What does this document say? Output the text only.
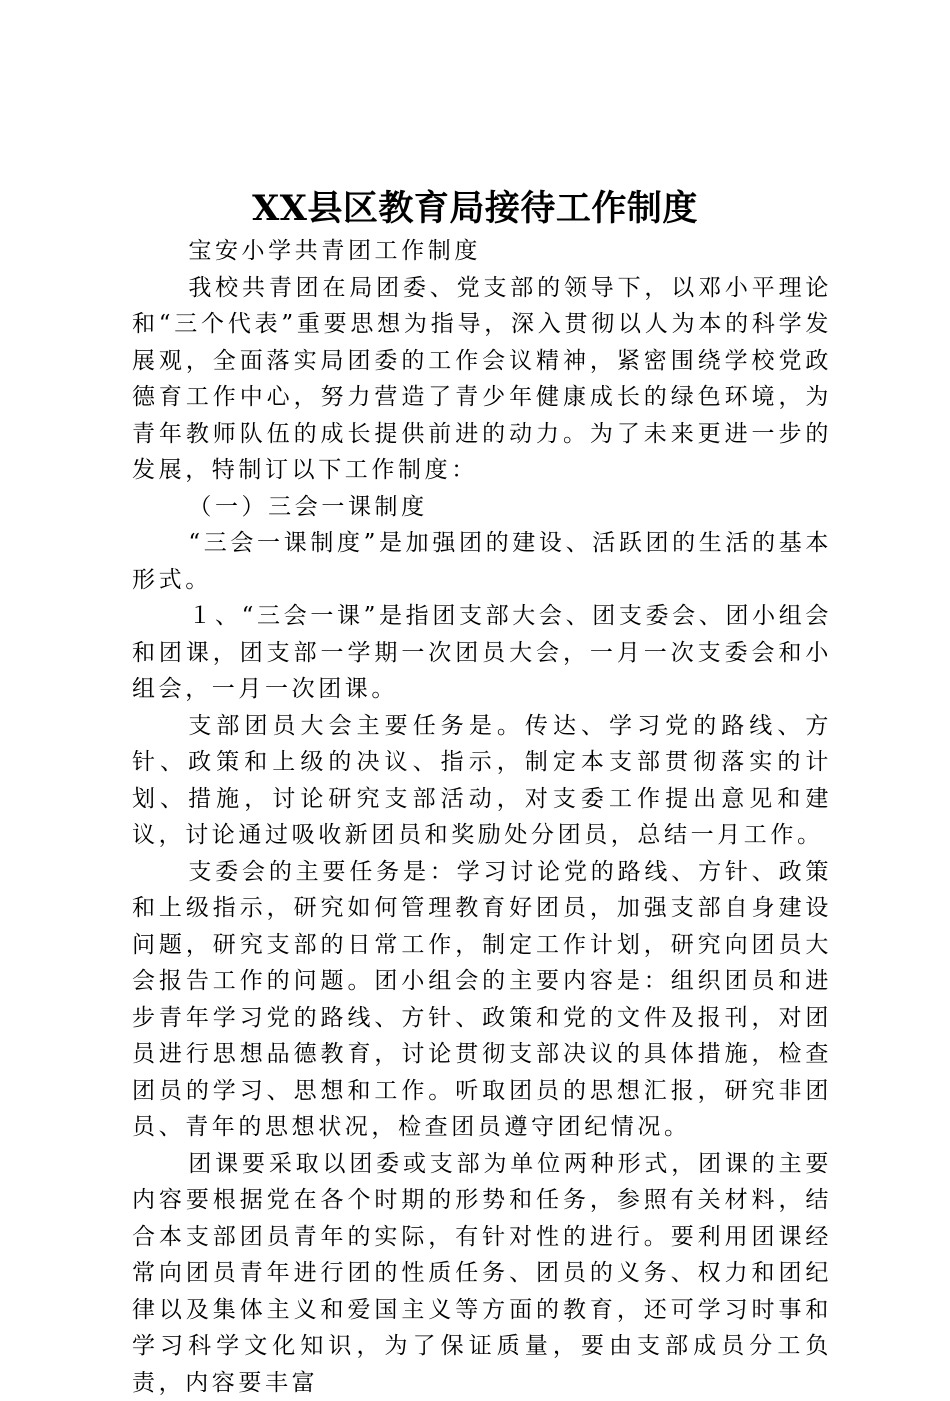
XX县区教育局接待工作制度

宝安小学共青团工作制度

我校共青团在局团委、党支部的领导下，以邓小平理论和“三个代表”重要思想为指导，深入贯彻以人为本的科学发展观，全面落实局团委的工作会议精神，紧密围绕学校党政德育工作中心，努力营造了青少年健康成长的绿色环境，为青年教师队伍的成长提供前进的动力。为了未来更进一步的发展，特制订以下工作制度：

（一）三会一课制度

“三会一课制度”是加强团的建设、活跃团的生活的基本形式。

１、“三会一课”是指团支部大会、团支委会、团小组会和团课，团支部一学期一次团员大会，一月一次支委会和小组会，一月一次团课。

支部团员大会主要任务是。传达、学习党的路线、方针、政策和上级的决议、指示，制定本支部贯彻落实的计划、措施，讨论研究支部活动，对支委工作提出意见和建议，讨论通过吸收新团员和奖励处分团员，总结一月工作。

支委会的主要任务是：学习讨论党的路线、方针、政策和上级指示，研究如何管理教育好团员，加强支部自身建设问题，研究支部的日常工作，制定工作计划，研究向团员大会报告工作的问题。团小组会的主要内容是：组织团员和进步青年学习党的路线、方针、政策和党的文件及报刊，对团员进行思想品德教育，讨论贯彻支部决议的具体措施，检查团员的学习、思想和工作。听取团员的思想汇报，研究非团员、青年的思想状况，检查团员遵守团纪情况。

团课要采取以团委或支部为单位两种形式，团课的主要内容要根据党在各个时期的形势和任务，参照有关材料，结合本支部团员青年的实际，有针对性的进行。要利用团课经常向团员青年进行团的性质任务、团员的义务、权力和团纪律以及集体主义和爱国主义等方面的教育，还可学习时事和学习科学文化知识，为了保证质量，要由支部成员分工负责，内容要丰富
